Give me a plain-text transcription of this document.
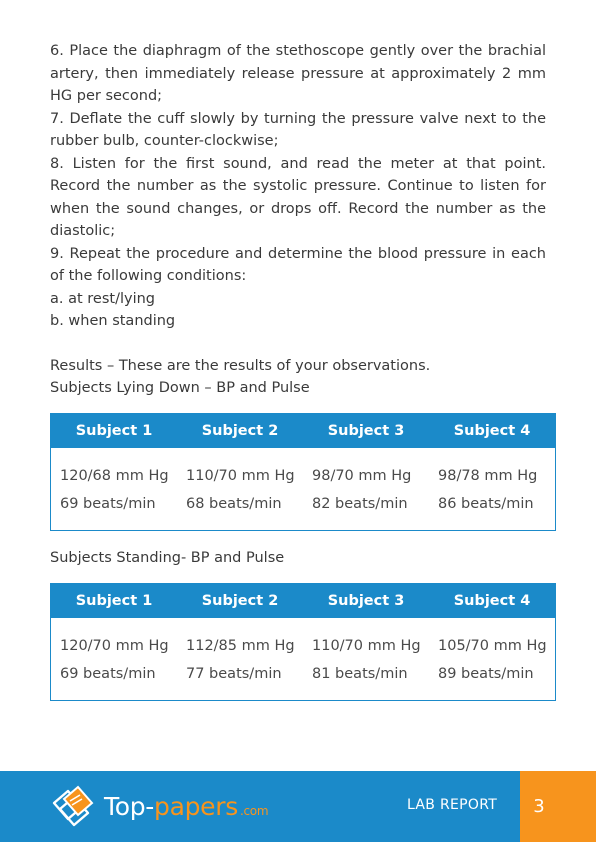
6. Place the diaphragm of the stethoscope gently over the brachial artery, then immediately release pressure at approximately 2 mm HG per second;

7. Deflate the cuff slowly by turning the pressure valve next to the rubber bulb, counter-clockwise;

8. Listen for the first sound, and read the meter at that point. Record the number as the systolic pressure. Continue to listen for when the sound changes, or drops off. Record the number as the diastolic;

9. Repeat the procedure and determine the blood pressure in each of the following conditions:

a. at rest/lying

b. when standing

Results – These are the results of your observations.

Subjects Lying Down – BP and Pulse

Subject 1	Subject 2	Subject 3	Subject 4
120/68 mm Hg	110/70 mm Hg	98/70 mm Hg	98/78 mm Hg
69 beats/min	68 beats/min	82 beats/min	86 beats/min

Subjects Standing- BP and Pulse

Subject 1	Subject 2	Subject 3	Subject 4
120/70 mm Hg	112/85 mm Hg	110/70 mm Hg	105/70 mm Hg
69 beats/min	77 beats/min	81 beats/min	89 beats/min
Top-papers .com	LAB REPORT	3
